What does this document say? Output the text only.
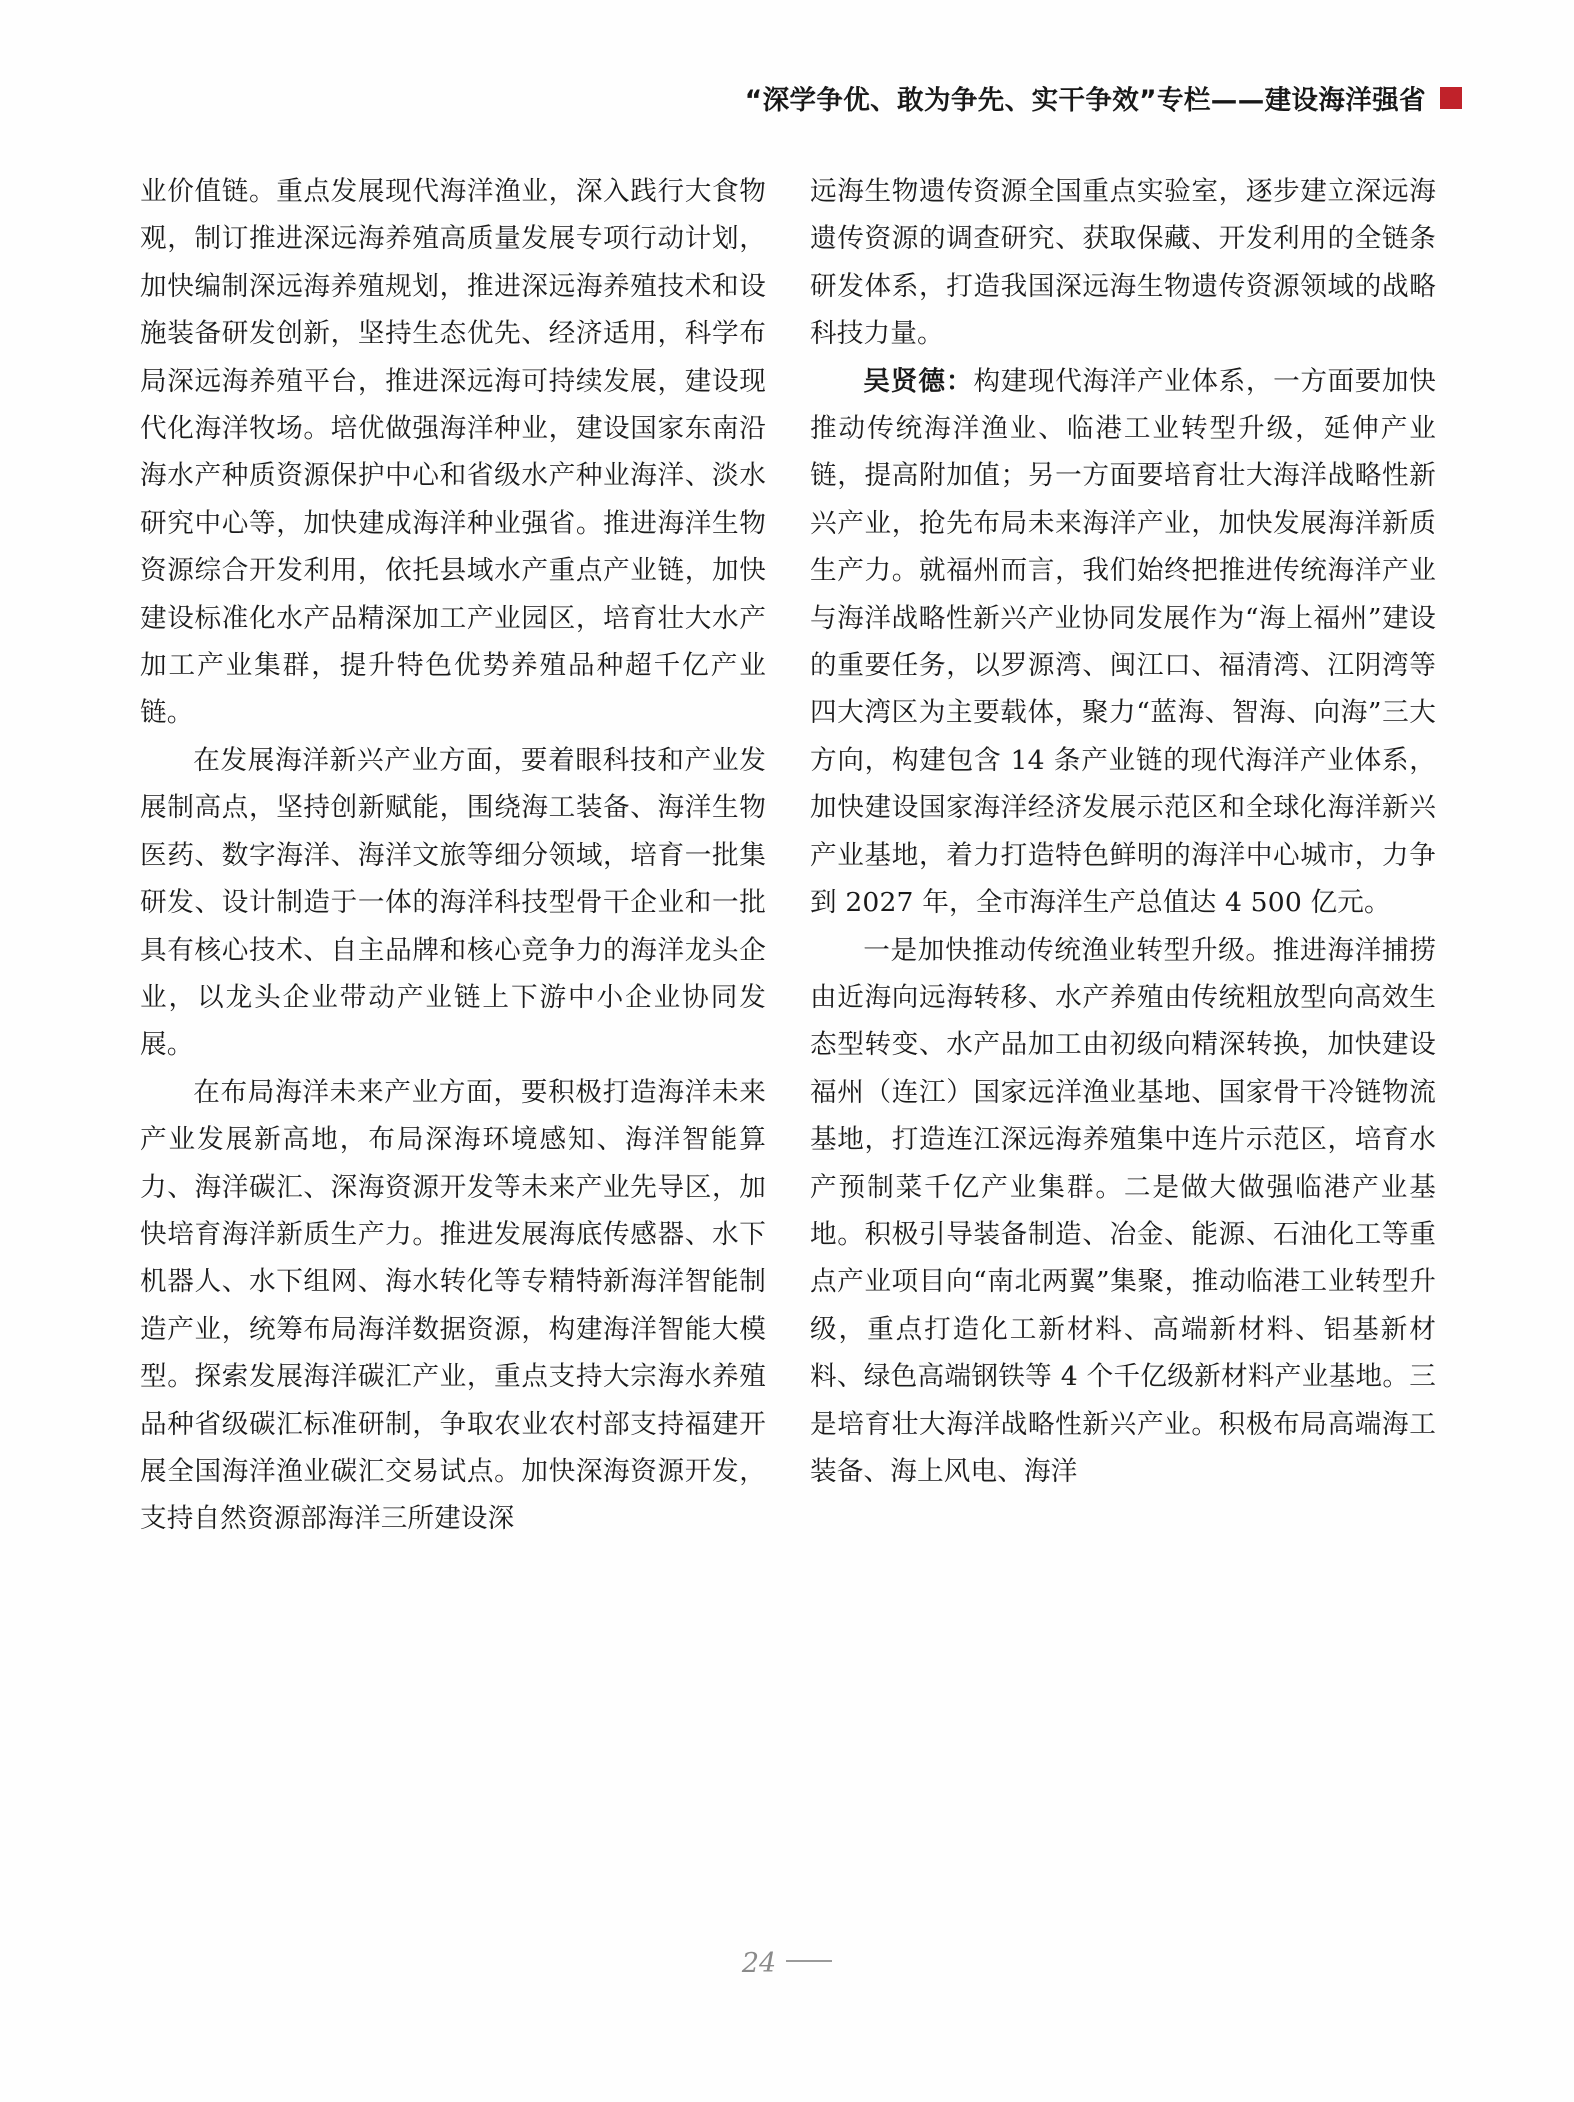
“深学争优、敢为争先、实干争效”专栏——建设海洋强省

业价值链。重点发展现代海洋渔业，深入践行大食物观，制订推进深远海养殖高质量发展专项行动计划，加快编制深远海养殖规划，推进深远海养殖技术和设施装备研发创新，坚持生态优先、经济适用，科学布局深远海养殖平台，推进深远海可持续发展，建设现代化海洋牧场。培优做强海洋种业，建设国家东南沿海水产种质资源保护中心和省级水产种业海洋、淡水研究中心等，加快建成海洋种业强省。推进海洋生物资源综合开发利用，依托县域水产重点产业链，加快建设标准化水产品精深加工产业园区，培育壮大水产加工产业集群，提升特色优势养殖品种超千亿产业链。

在发展海洋新兴产业方面，要着眼科技和产业发展制高点，坚持创新赋能，围绕海工装备、海洋生物医药、数字海洋、海洋文旅等细分领域，培育一批集研发、设计制造于一体的海洋科技型骨干企业和一批具有核心技术、自主品牌和核心竞争力的海洋龙头企业，以龙头企业带动产业链上下游中小企业协同发展。

在布局海洋未来产业方面，要积极打造海洋未来产业发展新高地，布局深海环境感知、海洋智能算力、海洋碳汇、深海资源开发等未来产业先导区，加快培育海洋新质生产力。推进发展海底传感器、水下机器人、水下组网、海水转化等专精特新海洋智能制造产业，统筹布局海洋数据资源，构建海洋智能大模型。探索发展海洋碳汇产业，重点支持大宗海水养殖品种省级碳汇标准研制，争取农业农村部支持福建开展全国海洋渔业碳汇交易试点。加快深海资源开发，支持自然资源部海洋三所建设深

远海生物遗传资源全国重点实验室，逐步建立深远海遗传资源的调查研究、获取保藏、开发利用的全链条研发体系，打造我国深远海生物遗传资源领域的战略科技力量。

吴贤德：构建现代海洋产业体系，一方面要加快推动传统海洋渔业、临港工业转型升级，延伸产业链，提高附加值；另一方面要培育壮大海洋战略性新兴产业，抢先布局未来海洋产业，加快发展海洋新质生产力。就福州而言，我们始终把推进传统海洋产业与海洋战略性新兴产业协同发展作为“海上福州”建设的重要任务，以罗源湾、闽江口、福清湾、江阴湾等四大湾区为主要载体，聚力“蓝海、智海、向海”三大方向，构建包含 14 条产业链的现代海洋产业体系，加快建设国家海洋经济发展示范区和全球化海洋新兴产业基地，着力打造特色鲜明的海洋中心城市，力争到 2027 年，全市海洋生产总值达 4 500 亿元。

一是加快推动传统渔业转型升级。推进海洋捕捞由近海向远海转移、水产养殖由传统粗放型向高效生态型转变、水产品加工由初级向精深转换，加快建设福州（连江）国家远洋渔业基地、国家骨干冷链物流基地，打造连江深远海养殖集中连片示范区，培育水产预制菜千亿产业集群。二是做大做强临港产业基地。积极引导装备制造、冶金、能源、石油化工等重点产业项目向“南北两翼”集聚，推动临港工业转型升级，重点打造化工新材料、高端新材料、铝基新材料、绿色高端钢铁等 4 个千亿级新材料产业基地。三是培育壮大海洋战略性新兴产业。积极布局高端海工装备、海上风电、海洋

24
